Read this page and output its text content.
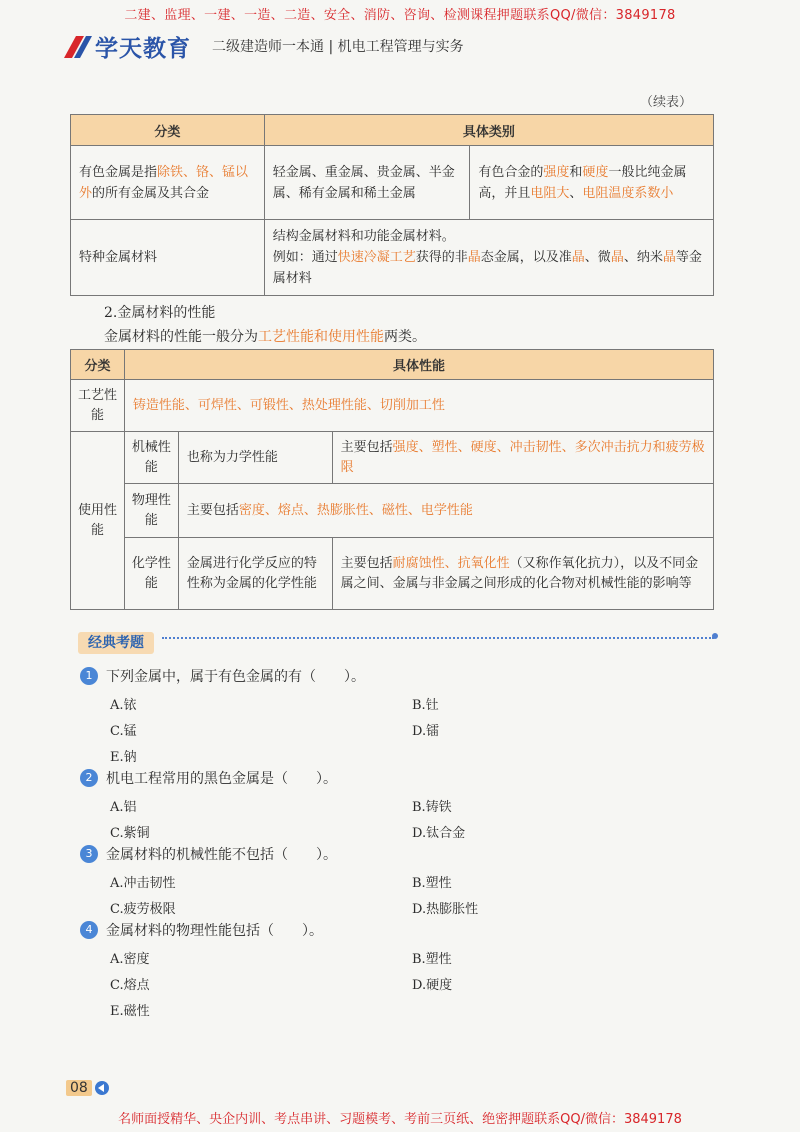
二建、监理、一建、一造、二造、安全、消防、咨询、检测课程押题联系QQ/微信：3849178
学天教育 二级建造师一本通 | 机电工程管理与实务
（续表）
分类	具体类别	
有色金属是指除铁、铬、锰以外的所有金属及其合金	轻金属、重金属、贵金属、半金属、稀有金属和稀土金属	有色合金的强度和硬度一般比纯金属高，并且电阻大、电阻温度系数小
特种金属材料	结构金属材料和功能金属材料。
例如：通过快速冷凝工艺获得的非晶态金属，以及准晶、微晶、纳米晶等金属材料	
2.金属材料的性能
金属材料的性能一般分为工艺性能和使用性能两类。
分类	具体性能		
工艺性能	铸造性能、可焊性、可锻性、热处理性能、切削加工性		
使用性能	机械性能	也称为力学性能	主要包括强度、塑性、硬度、冲击韧性、多次冲击抗力和疲劳极限
	物理性能	主要包括密度、熔点、热膨胀性、磁性、电学性能	
	化学性能	金属进行化学反应的特性称为金属的化学性能	主要包括耐腐蚀性、抗氧化性（又称作氧化抗力），以及不同金属之间、金属与非金属之间形成的化合物对机械性能的影响等
经典考题
1 下列金属中，属于有色金属的有（　　）。
A.铱	B.钍
C.锰	D.镭
E.钠
2 机电工程常用的黑色金属是（　　）。
A.铝	B.铸铁
C.紫铜	D.钛合金
3 金属材料的机械性能不包括（　　）。
A.冲击韧性	B.塑性
C.疲劳极限	D.热膨胀性
4 金属材料的物理性能包括（　　）。
A.密度	B.塑性
C.熔点	D.硬度
E.磁性
08
名师面授精华、央企内训、考点串讲、习题模考、考前三页纸、绝密押题联系QQ/微信：3849178
